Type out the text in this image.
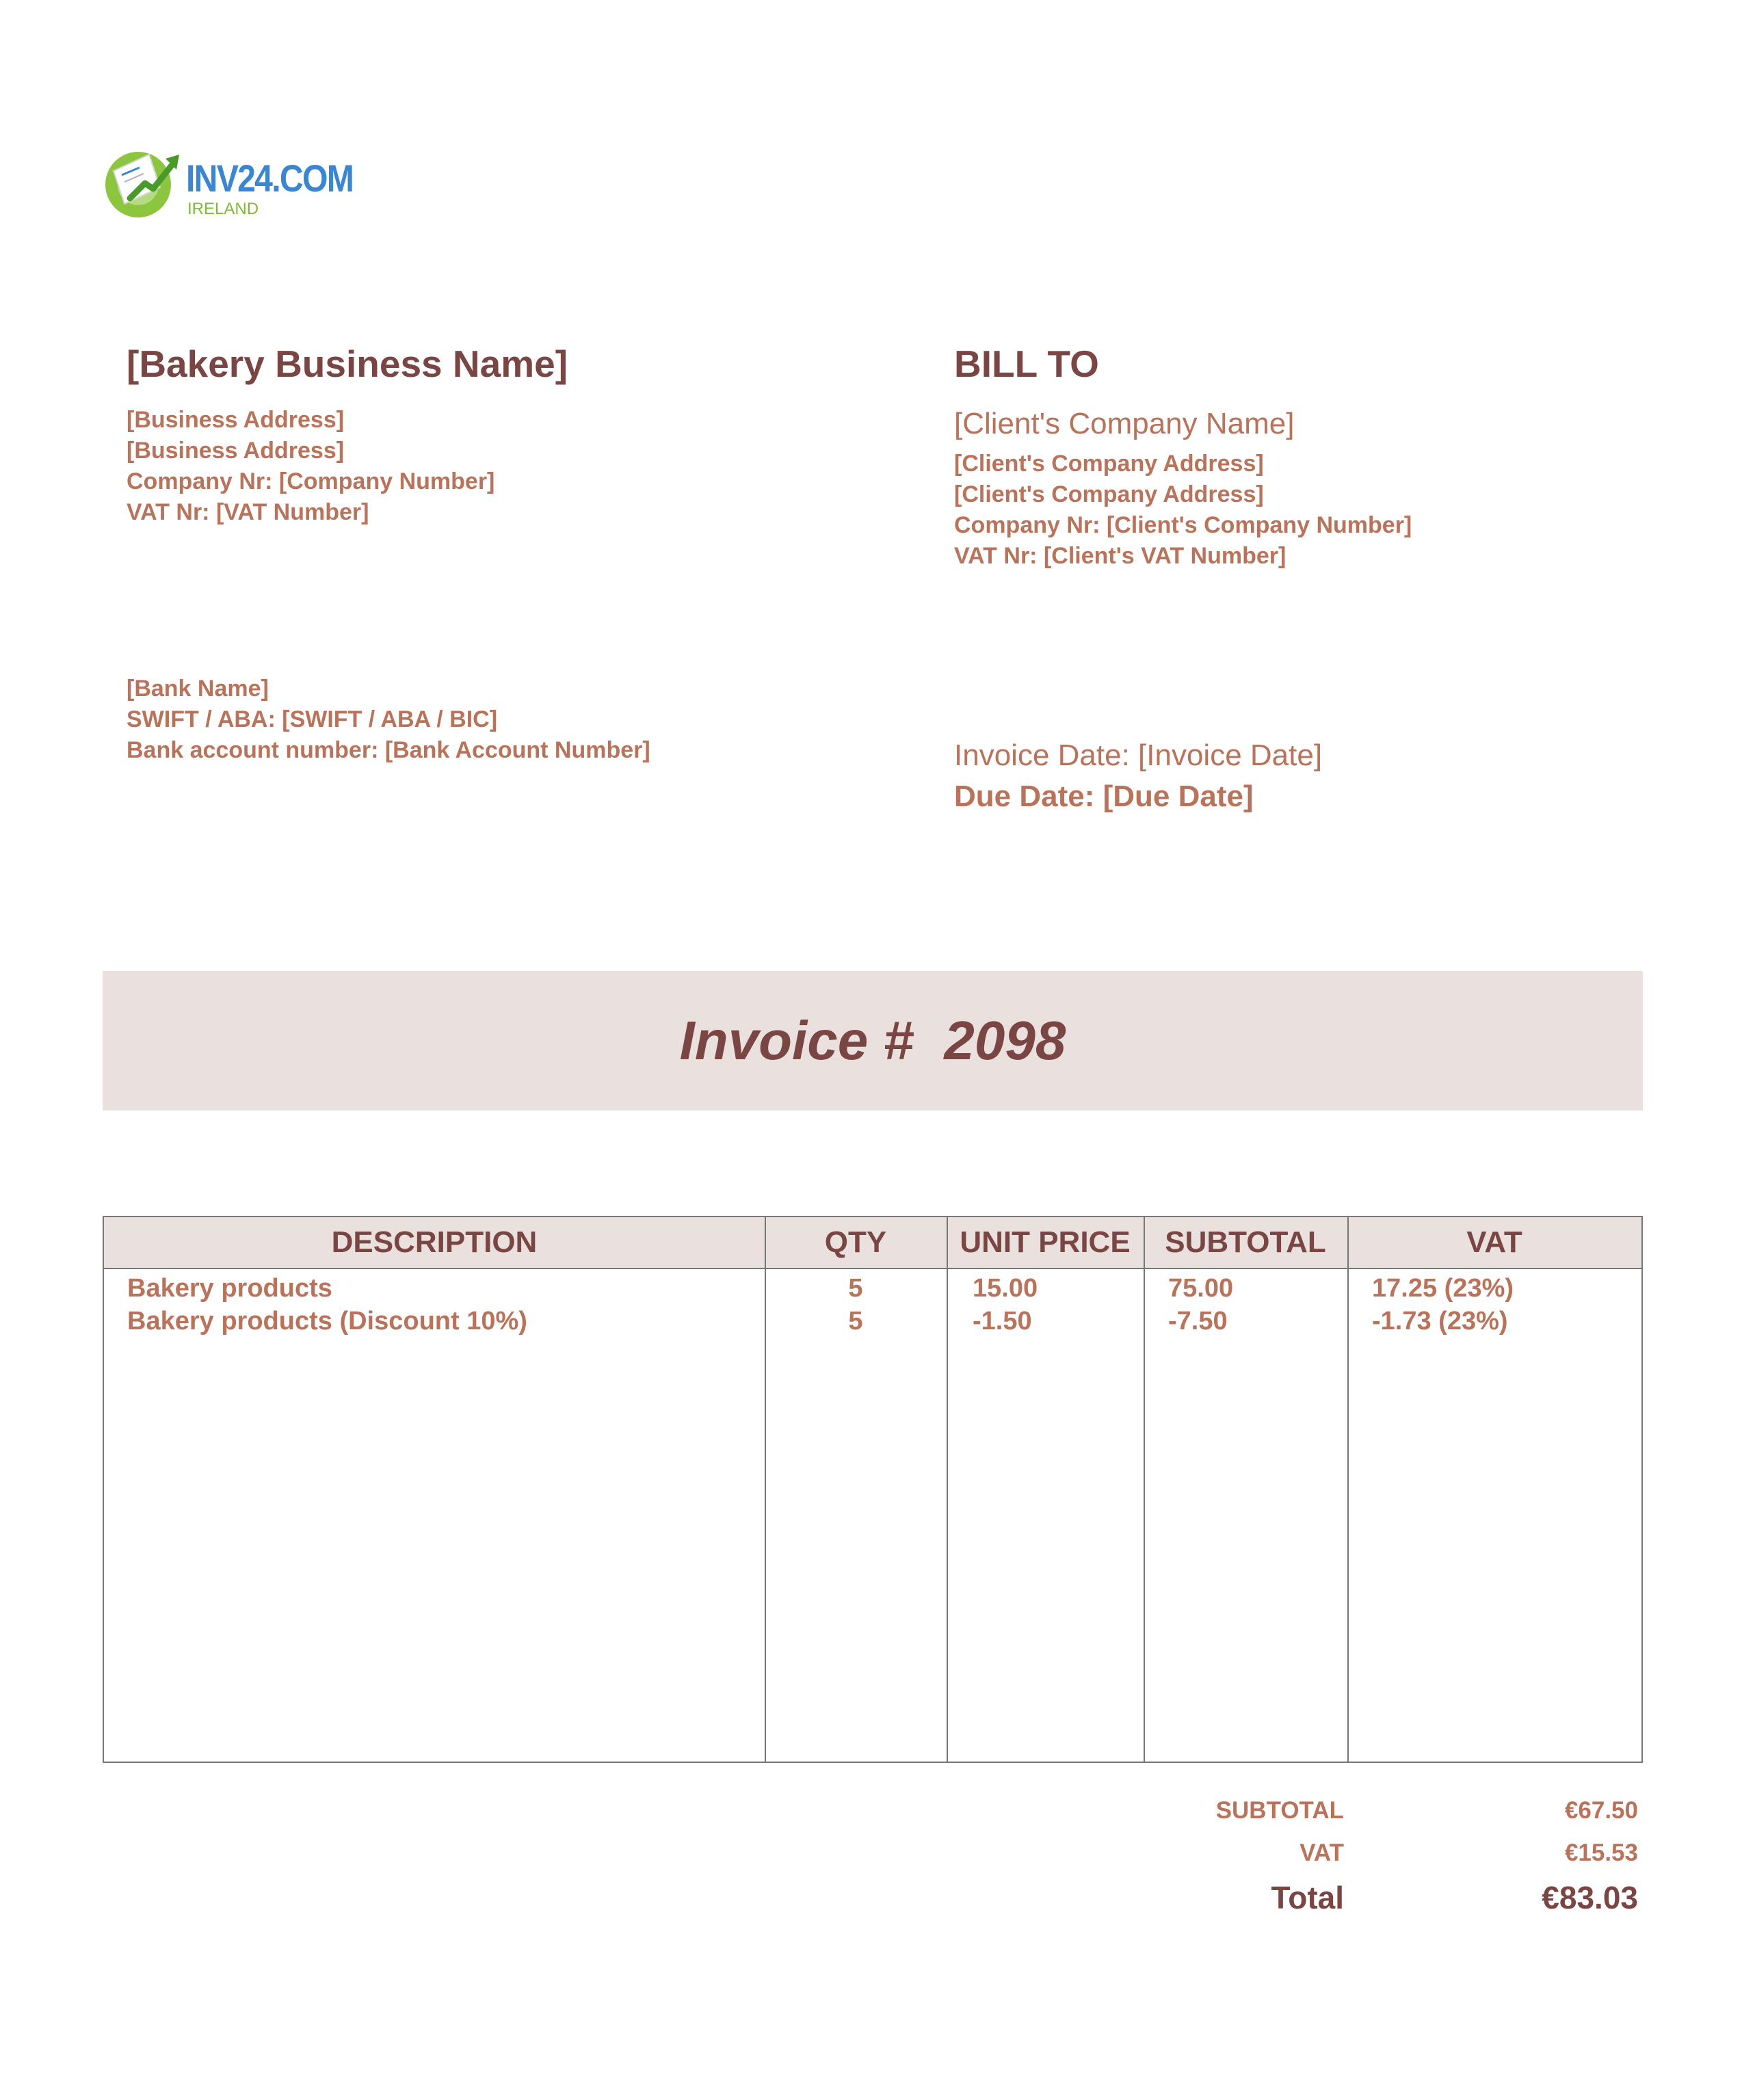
INV24.COM
IRELAND
[Bakery Business Name]
[Business Address]
[Business Address]
Company Nr: [Company Number]
VAT Nr: [VAT Number]
[Bank Name]
SWIFT / ABA: [SWIFT / ABA / BIC]
Bank account number: [Bank Account Number]
BILL TO
[Client's Company Name]
[Client's Company Address]
[Client's Company Address]
Company Nr: [Client's Company Number]
VAT Nr: [Client's VAT Number]
Invoice Date: [Invoice Date]
Due Date: [Due Date]
Invoice #  2098
DESCRIPTION	QTY	UNIT PRICE	SUBTOTAL	VAT
Bakery products	5	15.00	75.00	17.25 (23%)
Bakery products (Discount 10%)	5	-1.50	-7.50	-1.73 (23%)
SUBTOTAL	€67.50
VAT	€15.53
Total	€83.03
